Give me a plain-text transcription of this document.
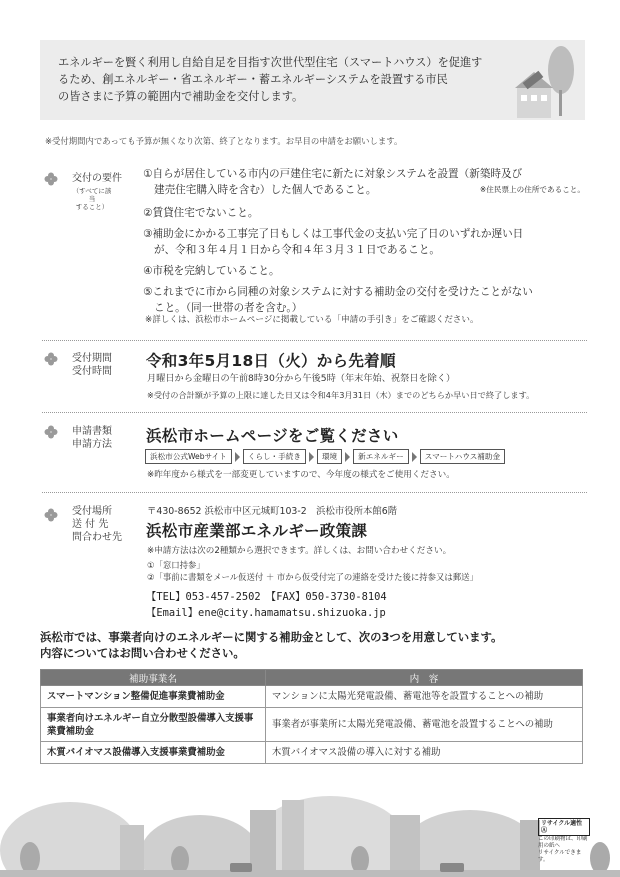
エネルギーを賢く利用し自給自足を目指す次世代型住宅（スマートハウス）を促進す
るため、創エネルギー・省エネルギー・蓄エネルギーシステムを設置する市民
の皆さまに予算の範囲内で補助金を交付します。
※受付期間内であっても予算が無くなり次第、終了となります。お早目の申請をお願いします。
交付の要件
（すべてに該当
すること）
①自らが居住している市内の戸建住宅に新たに対象システムを設置（新築時及び
※住民票上の住所であること。
建売住宅購入時を含む）した個人であること。
②賃貸住宅でないこと。
③補助金にかかる工事完了日もしくは工事代金の支払い完了日のいずれか遅い日
が、令和３年４月１日から令和４年３月３１日であること。
④市税を完納していること。
⑤これまでに市から同種の対象システムに対する補助金の交付を受けたことがない
こと。（同一世帯の者を含む。）
※詳しくは、浜松市ホームページに掲載している「申請の手引き」をご確認ください。
受付期間
受付時間
令和3年5月18日（火）から先着順
月曜日から金曜日の午前8時30分から午後5時（年末年始、祝祭日を除く）
※受付の合計額が予算の上限に達した日又は令和4年3月31日（木）までのどちらか早い日で終了します。
申請書類
申請方法 浜松市ホームページをご覧ください
浜松市公式Webサイト	くらし・手続き	環境	新エネルギー	スマートハウス補助金
※昨年度から様式を一部変更していますので、今年度の様式をご使用ください。
受付場所
送 付 先
問合わせ先
〒430-8652 浜松市中区元城町103-2　浜松市役所本館6階
浜松市産業部エネルギー政策課
※申請方法は次の2種類から選択できます。詳しくは、お問い合わせください。
①「窓口持参」
②「事前に書類をメール仮送付 ＋ 市から仮受付完了の連絡を受けた後に持参又は郵送」
【TEL】053-457-2502　【FAX】050-3730-8104
【Email】ene@city.hamamatsu.shizuoka.jp
浜松市では、事業者向けのエネルギーに関する補助金として、次の3つを用意しています。
内容についてはお問い合わせください。
補助事業名	内　容
スマートマンション整備促進事業費補助金	マンションに太陽光発電設備、蓄電池等を設置することへの補助
事業者向けエネルギー自立分散型設備導入支援事業費補助金	事業者が事業所に太陽光発電設備、蓄電池を設置することへの補助
木質バイオマス設備導入支援事業費補助金	木質バイオマス設備の導入に対する補助
リサイクル適性Ⓐ
この印刷物は、印刷用の紙へ
リサイクルできます。
